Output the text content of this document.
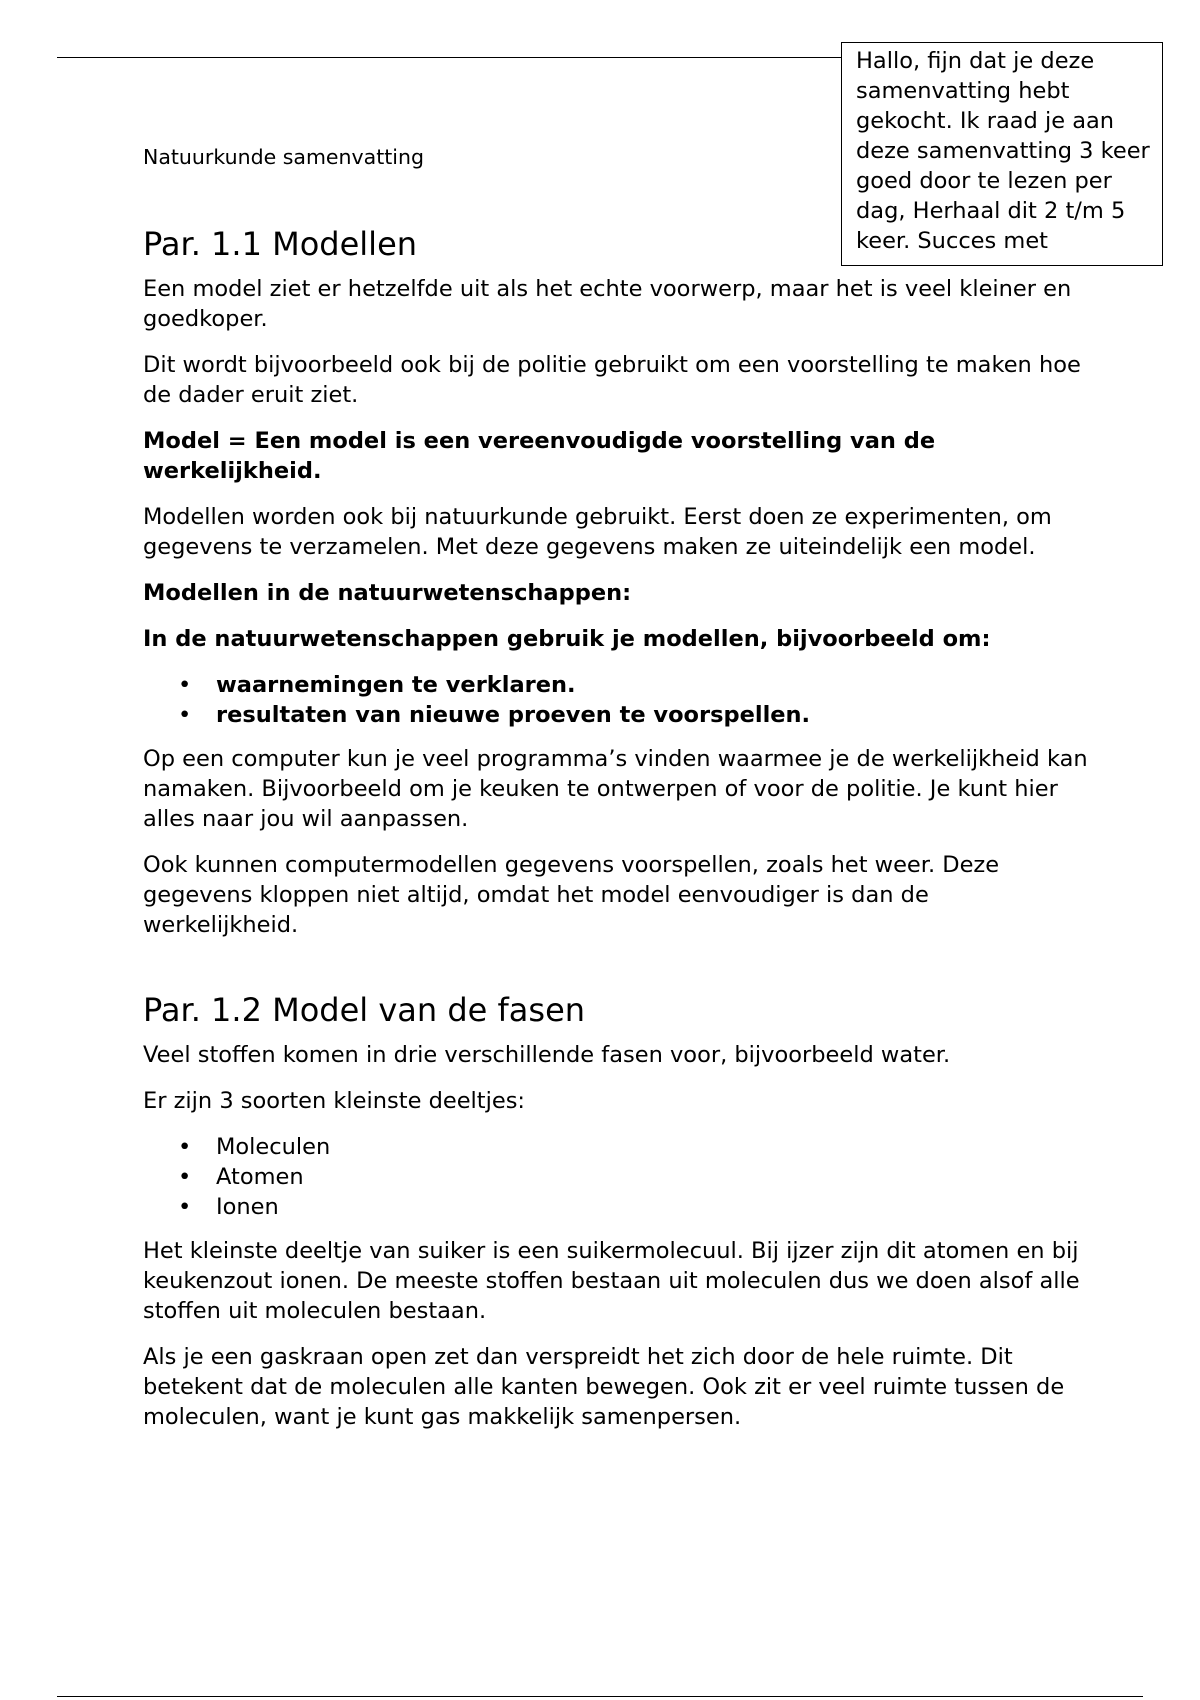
Hallo, fijn dat je deze samenvatting hebt gekocht. Ik raad je aan deze samenvatting 3 keer goed door te lezen per dag, Herhaal dit 2 t/m 5 keer. Succes met

Natuurkunde samenvatting

Par. 1.1 Modellen

Een model ziet er hetzelfde uit als het echte voorwerp, maar het is veel kleiner en goedkoper.

Dit wordt bijvoorbeeld ook bij de politie gebruikt om een voorstelling te maken hoe de dader eruit ziet.

Model = Een model is een vereenvoudigde voorstelling van de werkelijkheid.

Modellen worden ook bij natuurkunde gebruikt. Eerst doen ze experimenten, om gegevens te verzamelen. Met deze gegevens maken ze uiteindelijk een model.

Modellen in de natuurwetenschappen:

In de natuurwetenschappen gebruik je modellen, bijvoorbeeld om:

• waarnemingen te verklaren.
• resultaten van nieuwe proeven te voorspellen.

Op een computer kun je veel programma’s vinden waarmee je de werkelijkheid kan namaken. Bijvoorbeeld om je keuken te ontwerpen of voor de politie. Je kunt hier alles naar jou wil aanpassen.

Ook kunnen computermodellen gegevens voorspellen, zoals het weer. Deze gegevens kloppen niet altijd, omdat het model eenvoudiger is dan de werkelijkheid.

Par. 1.2 Model van de fasen

Veel stoffen komen in drie verschillende fasen voor, bijvoorbeeld water.

Er zijn 3 soorten kleinste deeltjes:

• Moleculen
• Atomen
• Ionen

Het kleinste deeltje van suiker is een suikermolecuul. Bij ijzer zijn dit atomen en bij keukenzout ionen. De meeste stoffen bestaan uit moleculen dus we doen alsof alle stoffen uit moleculen bestaan.

Als je een gaskraan open zet dan verspreidt het zich door de hele ruimte. Dit betekent dat de moleculen alle kanten bewegen. Ook zit er veel ruimte tussen de moleculen, want je kunt gas makkelijk samenpersen.
